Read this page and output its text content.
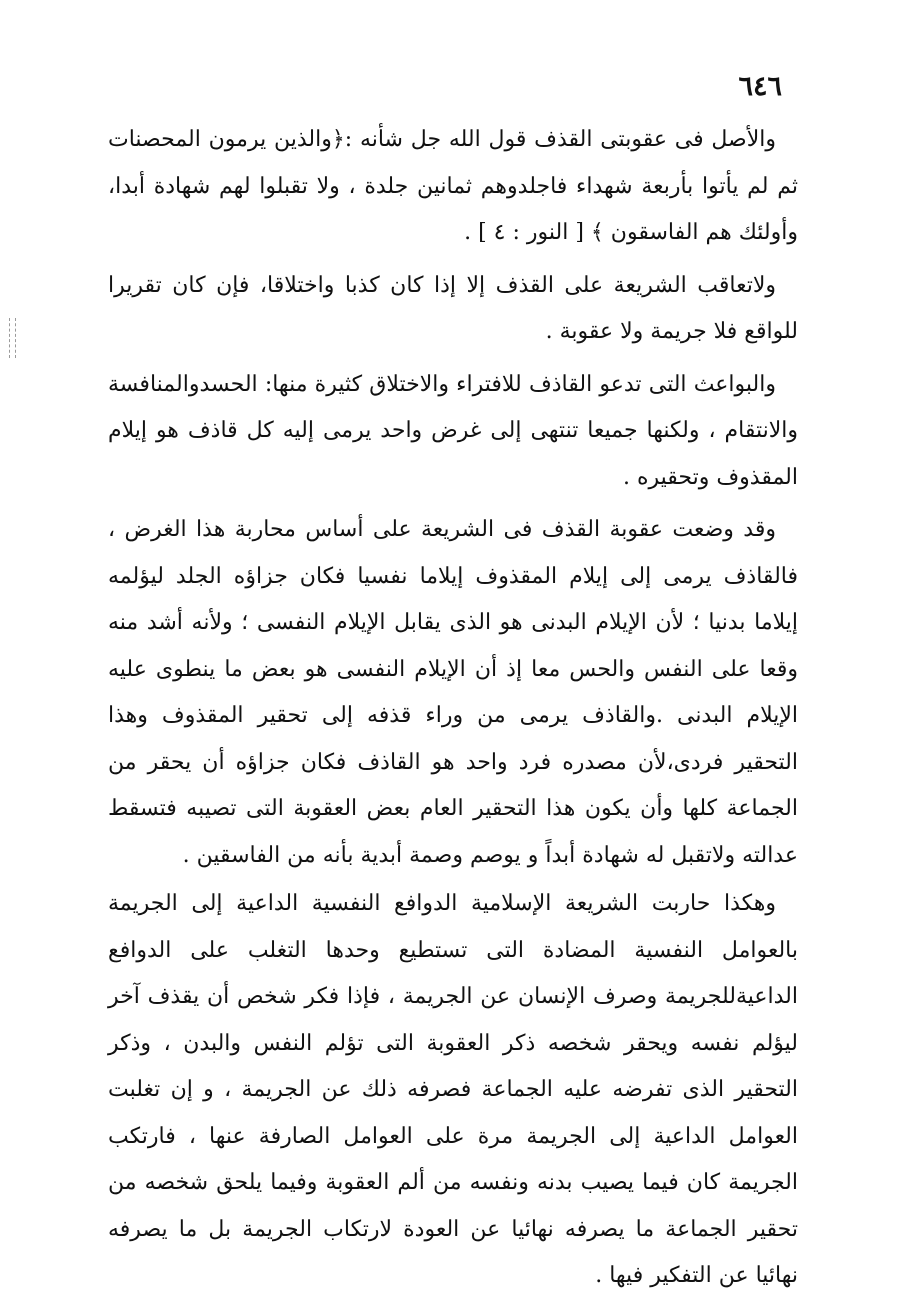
٦٤٦

والأصل فى عقوبتى القذف قول الله جل شأنه :﴿والذين يرمون المحصنات ثم لم يأتوا بأربعة شهداء فاجلدوهم ثمانين جلدة ، ولا تقبلوا لهم شهادة أبدا، وأولئك هم الفاسقون ﴾ [ النور : ٤ ] .

ولاتعاقب الشريعة على القذف إلا إذا كان كذبا واختلاقا، فإن كان تقريرا للواقع فلا جريمة ولا عقوبة .

والبواعث التى تدعو القاذف للافتراء والاختلاق كثيرة منها: الحسدوالمنافسة والانتقام ، ولكنها جميعا تنتهى إلى غرض واحد يرمى إليه كل قاذف هو إيلام المقذوف وتحقيره .

وقد وضعت عقوبة القذف فى الشريعة على أساس محاربة هذا الغرض ، فالقاذف يرمى إلى إيلام المقذوف إيلاما نفسيا فكان جزاؤه الجلد ليؤلمه إيلاما بدنيا ؛ لأن الإيلام البدنى هو الذى يقابل الإيلام النفسى ؛ ولأنه أشد منه وقعا على النفس والحس معا إذ أن الإيلام النفسى هو بعض ما ينطوى عليه الإيلام البدنى .والقاذف يرمى من وراء قذفه إلى تحقير المقذوف وهذا التحقير فردى،لأن مصدره فرد واحد هو القاذف فكان جزاؤه أن يحقر من الجماعة كلها وأن يكون هذا التحقير العام بعض العقوبة التى تصيبه فتسقط عدالته ولاتقبل له شهادة أبداً و يوصم وصمة أبدية بأنه من الفاسقين .

وهكذا حاربت الشريعة الإسلامية الدوافع النفسية الداعية إلى الجريمة بالعوامل النفسية المضادة التى تستطيع وحدها التغلب على الدوافع الداعيةللجريمة وصرف الإنسان عن الجريمة ، فإذا فكر شخص أن يقذف آخر ليؤلم نفسه ويحقر شخصه ذكر العقوبة التى تؤلم النفس والبدن ، وذكر التحقير الذى تفرضه عليه الجماعة فصرفه ذلك عن الجريمة ، و إن تغلبت العوامل الداعية إلى الجريمة مرة على العوامل الصارفة عنها ، فارتكب الجريمة كان فيما يصيب بدنه ونفسه من ألم العقوبة وفيما يلحق شخصه من تحقير الجماعة ما يصرفه نهائيا عن العودة لارتكاب الجريمة بل ما يصرفه نهائيا عن التفكير فيها .
